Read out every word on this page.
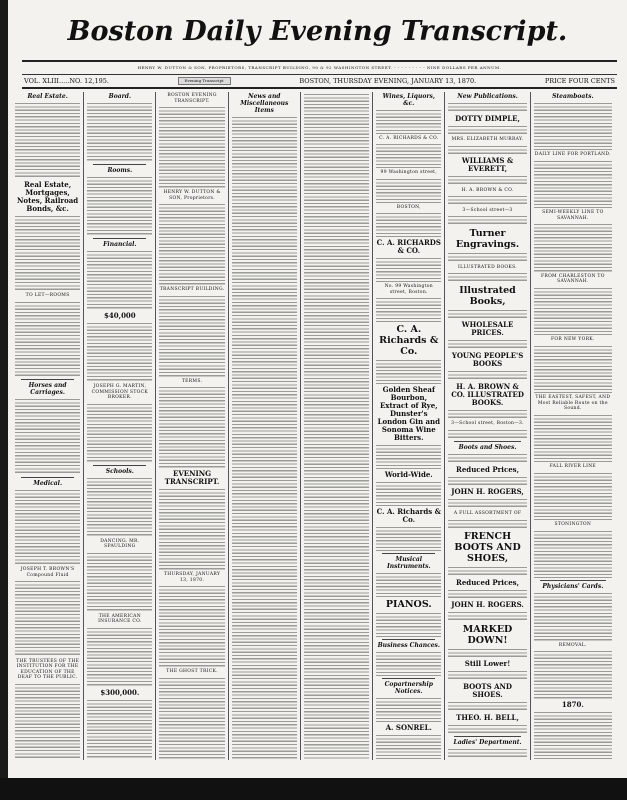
Boston Daily Evening Transcript.
HENRY W. DUTTON & SON, PROPRIETORS, TRANSCRIPT BUILDING, 90 & 92 WASHINGTON STREET. - - - - - - - - - NINE DOLLARS PER ANNUM.
VOL. XLIII.....NO. 12,195.	Evening Transcript	BOSTON, THURSDAY EVENING, JANUARY 13, 1870.	PRICE FOUR CENTS
Real Estate.
Real Estate, Mortgages, Notes, Railroad Bonds, &c.
TO LET—ROOMS
Horses and Carriages.
Medical.
JOSEPH T. BROWN'S Compound Fluid
THE TRUSTEES OF THE INSTITUTION FOR THE EDUCATION OF THE DEAF TO THE PUBLIC.
Board.
Rooms.
Financial.
$40,000
JOSEPH G. MARTIN, COMMISSION STOCK BROKER.
Schools.
DANCING. MR. SPAULDING
THE AMERICAN INSURANCE CO.
$300,000.
BOSTON EVENING TRANSCRIPT.
HENRY W. DUTTON & SON, Proprietors.
TRANSCRIPT BUILDING.
TERMS.
EVENING TRANSCRIPT.
THURSDAY, JANUARY 13, 1870.
THE GHOST TRICK.
News and Miscellaneous Items
Wines, Liquors, &c.
C. A. RICHARDS & CO.
99 Washington street,
BOSTON,
C. A. RICHARDS & CO.
No. 99 Washington street, Boston.
C. A. Richards & Co.
Golden Sheaf Bourbon, Extract of Rye, Dunster's London Gin and Sonoma Wine Bitters.
World-Wide.
C. A. Richards & Co.
Musical Instruments.
PIANOS.
Business Chances.
Copartnership Notices.
A. SONREL.
New Publications.
DOTTY DIMPLE,
MRS. ELIZABETH MURRAY.
WILLIAMS & EVERETT,
H. A. BROWN & CO.
3—School street—3
Turner Engravings.
ILLUSTRATED BOOKS.
Illustrated Books,
WHOLESALE PRICES.
YOUNG PEOPLE'S BOOKS
H. A. BROWN & CO. ILLUSTRATED BOOKS.
3—School street, Boston—3.
Boots and Shoes.
Reduced Prices,
JOHN H. ROGERS,
A FULL ASSORTMENT OF
FRENCH BOOTS AND SHOES,
Reduced Prices,
JOHN H. ROGERS.
MARKED DOWN!
Still Lower!
BOOTS AND SHOES.
THEO. H. BELL,
Ladies' Department.
Steamboats.
DAILY LINE FOR PORTLAND.
SEMI-WEEKLY LINE TO SAVANNAH.
FROM CHARLESTON TO SAVANNAH.
FOR NEW YORK.
THE EASTEST, SAFEST, AND Most Reliable Route on the Sound.
FALL RIVER LINE
STONINGTON
Physicians' Cards.
REMOVAL.
1870.
